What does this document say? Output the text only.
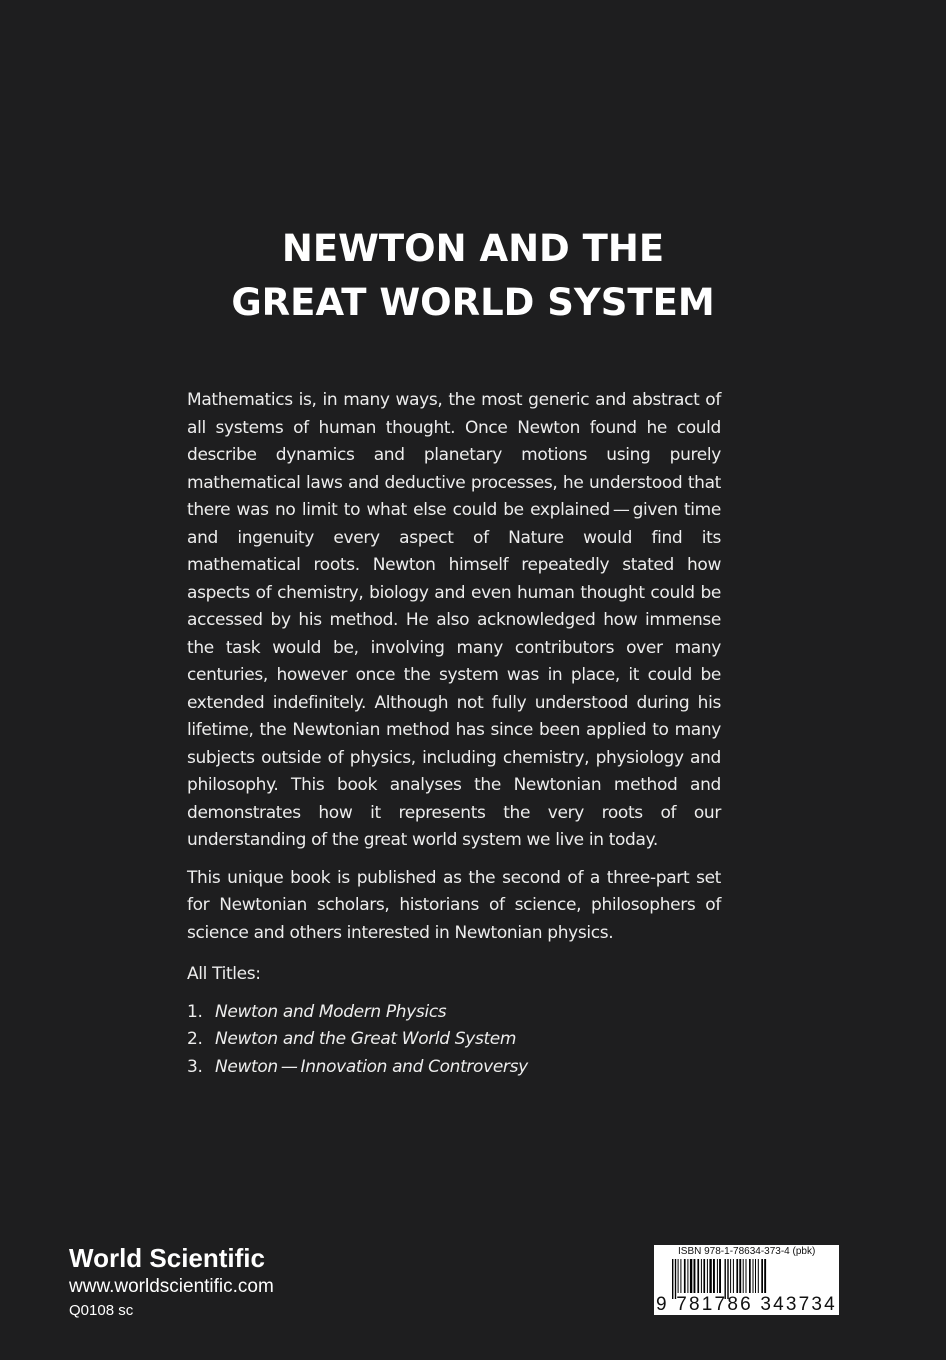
NEWTON AND THE
GREAT WORLD SYSTEM

Mathematics is, in many ways, the most generic and abstract of all systems of human thought. Once Newton found he could describe dynamics and planetary motions using purely mathematical laws and deductive processes, he understood that there was no limit to what else could be explained — given time and ingenuity every aspect of Nature would find its mathematical roots. Newton himself repeatedly stated how aspects of chemistry, biology and even human thought could be accessed by his method. He also acknowledged how immense the task would be, involving many contributors over many centuries, however once the system was in place, it could be extended indefinitely. Although not fully understood during his lifetime, the Newtonian method has since been applied to many subjects outside of physics, including chemistry, physiology and philosophy. This book analyses the Newtonian method and demonstrates how it represents the very roots of our understanding of the great world system we live in today.

This unique book is published as the second of a three-part set for Newtonian scholars, historians of science, philosophers of science and others interested in Newtonian physics.

All Titles:

1. Newton and Modern Physics
2. Newton and the Great World System
3. Newton — Innovation and Controversy
World Scientific
www.worldscientific.com
Q0108 sc
ISBN 978-1-78634-373-4 (pbk)
9 781786 343734
